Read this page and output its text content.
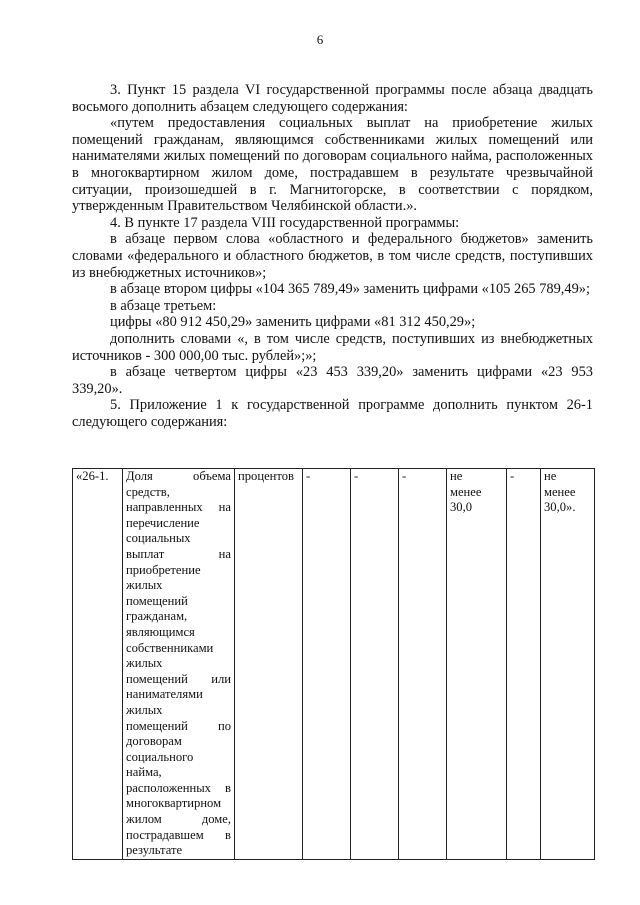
6

3. Пункт 15 раздела VI государственной программы после абзаца двадцать восьмого дополнить абзацем следующего содержания:

«путем предоставления социальных выплат на приобретение жилых помещений гражданам, являющимся собственниками жилых помещений или нанимателями жилых помещений по договорам социального найма, расположенных в многоквартирном жилом доме, пострадавшем в результате чрезвычайной ситуации, произошедшей в г. Магнитогорске, в соответствии с порядком, утвержденным Правительством Челябинской области.».

4. В пункте 17 раздела VIII государственной программы:

в абзаце первом слова «областного и федерального бюджетов» заменить словами «федерального и областного бюджетов, в том числе средств, поступивших из внебюджетных источников»;

в абзаце втором цифры «104 365 789,49» заменить цифрами «105 265 789,49»;

в абзаце третьем:

цифры «80 912 450,29» заменить цифрами «81 312 450,29»;

дополнить словами «, в том числе средств, поступивших из внебюджетных источников - 300 000,00 тыс. рублей»;»;

в абзаце четвертом цифры «23 453 339,20» заменить цифрами «23 953 339,20».

5. Приложение 1 к государственной программе дополнить пунктом 26-1 следующего содержания:

«26-1.	Доля объема
средств,
направленных на
перечисление
социальных
выплат на
приобретение
жилых
помещений
гражданам,
являющимся
собственниками
жилых
помещений или
нанимателями
жилых
помещений по
договорам
социального
найма,
расположенных в
многоквартирном
жилом доме,
пострадавшем в
результате
	процентов	-	-	-	не
менее
30,0
	-	не
менее
30,0».
